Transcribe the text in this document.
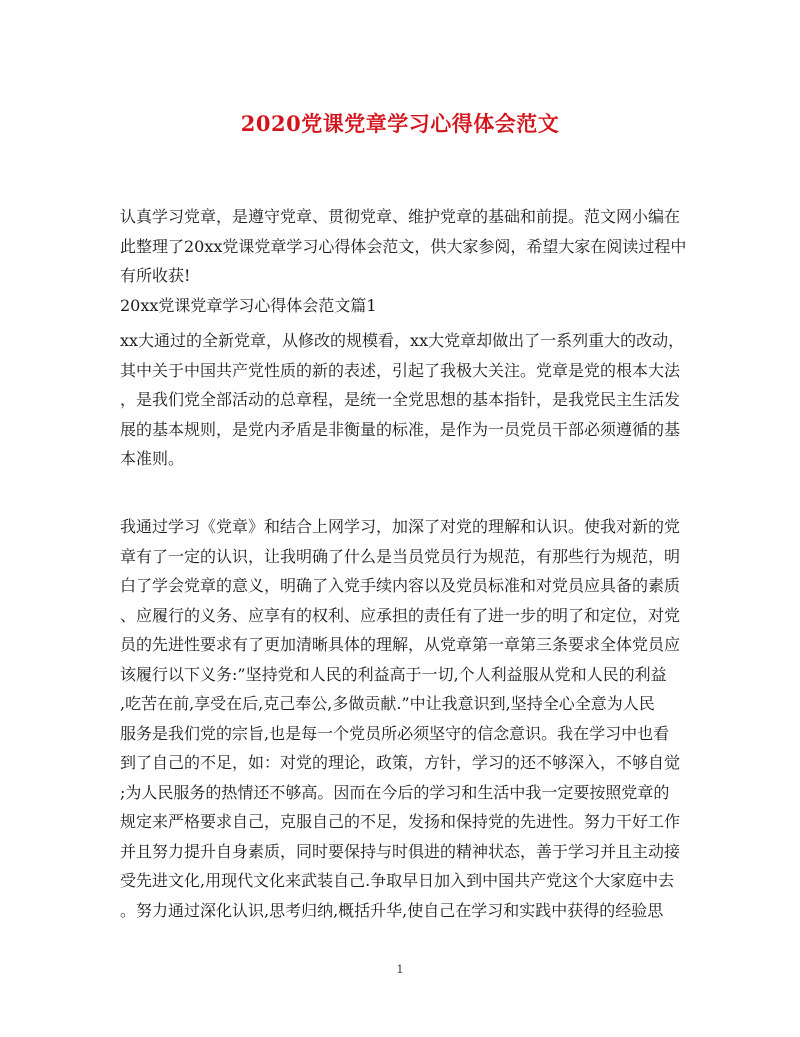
2020党课党章学习心得体会范文
认真学习党章，是遵守党章、贯彻党章、维护党章的基础和前提。范文网小编在
此整理了20xx党课党章学习心得体会范文，供大家参阅，希望大家在阅读过程中
有所收获!
20xx党课党章学习心得体会范文篇1
xx大通过的全新党章，从修改的规模看，xx大党章却做出了一系列重大的改动，
其中关于中国共产党性质的新的表述，引起了我极大关注。党章是党的根本大法
，是我们党全部活动的总章程，是统一全党思想的基本指针，是我党民主生活发
展的基本规则，是党内矛盾是非衡量的标准，是作为一员党员干部必须遵循的基
本准则。
我通过学习《党章》和结合上网学习，加深了对党的理解和认识。使我对新的党
章有了一定的认识，让我明确了什么是当员党员行为规范，有那些行为规范，明
白了学会党章的意义，明确了入党手续内容以及党员标准和对党员应具备的素质
、应履行的义务、应享有的权利、应承担的责任有了进一步的明了和定位，对党
员的先进性要求有了更加清晰具体的理解，从党章第一章第三条要求全体党员应
该履行以下义务:”坚持党和人民的利益高于一切,个人利益服从党和人民的利益
,吃苦在前,享受在后,克己奉公,多做贡献.”中让我意识到,坚持全心全意为人民
服务是我们党的宗旨,也是每一个党员所必须坚守的信念意识。我在学习中也看
到了自己的不足，如：对党的理论，政策，方针，学习的还不够深入，不够自觉
;为人民服务的热情还不够高。因而在今后的学习和生活中我一定要按照党章的
规定来严格要求自己，克服自己的不足，发扬和保持党的先进性。努力干好工作
并且努力提升自身素质，同时要保持与时俱进的精神状态，善于学习并且主动接
受先进文化,用现代文化来武装自己.争取早日加入到中国共产党这个大家庭中去
。努力通过深化认识,思考归纳,概括升华,使自己在学习和实践中获得的经验思
1
